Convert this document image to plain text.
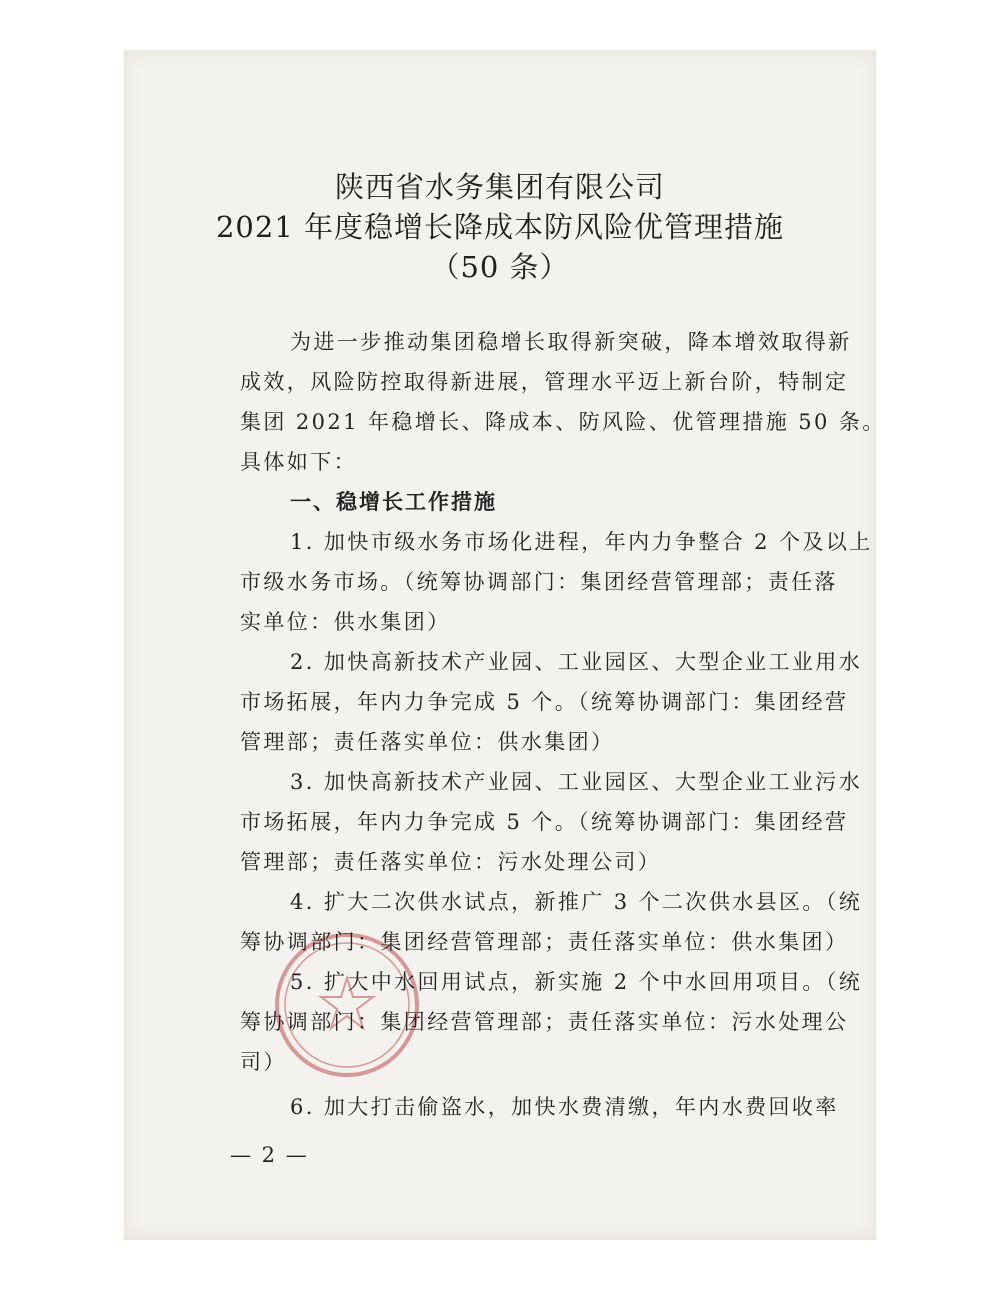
陕西省水务集团有限公司
2021 年度稳增长降成本防风险优管理措施
（50 条）
为进一步推动集团稳增长取得新突破，降本增效取得新
成效，风险防控取得新进展，管理水平迈上新台阶，特制定
集团 2021 年稳增长、降成本、防风险、优管理措施 50 条。
具体如下：
一、稳增长工作措施
1. 加快市级水务市场化进程，年内力争整合 2 个及以上
市级水务市场。（统筹协调部门：集团经营管理部；责任落
实单位：供水集团）
2. 加快高新技术产业园、工业园区、大型企业工业用水
市场拓展，年内力争完成 5 个。（统筹协调部门：集团经营
管理部；责任落实单位：供水集团）
3. 加快高新技术产业园、工业园区、大型企业工业污水
市场拓展，年内力争完成 5 个。（统筹协调部门：集团经营
管理部；责任落实单位：污水处理公司）
4. 扩大二次供水试点，新推广 3 个二次供水县区。（统
筹协调部门：集团经营管理部；责任落实单位：供水集团）
5. 扩大中水回用试点，新实施 2 个中水回用项目。（统
筹协调部门：集团经营管理部；责任落实单位：污水处理公
司）
6. 加大打击偷盗水，加快水费清缴，年内水费回收率
— 2 —
